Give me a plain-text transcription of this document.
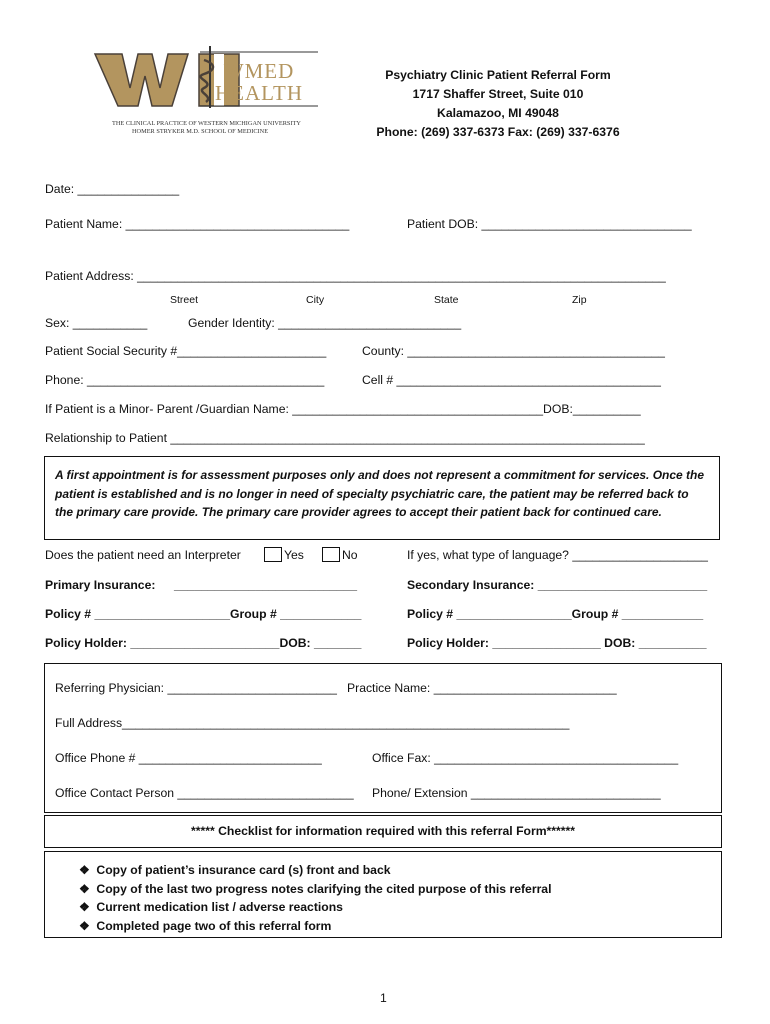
WMED HEALTH
THE CLINICAL PRACTICE OF WESTERN MICHIGAN UNIVERSITY
HOMER STRYKER M.D. SCHOOL OF MEDICINE
Psychiatry Clinic Patient Referral Form
1717 Shaffer Street, Suite 010
Kalamazoo, MI 49048
Phone: (269) 337-6373 Fax: (269) 337-6376
Date: _______________
Patient Name: _________________________________	Patient DOB: _______________________________
Patient Address: ______________________________________________________________________________
Street	City	State	Zip
Sex: ___________	Gender Identity: ___________________________
Patient Social Security #______________________	County: ______________________________________
Phone: ___________________________________	Cell # _______________________________________
If Patient is a Minor- Parent /Guardian Name: _____________________________________DOB:__________
Relationship to Patient ______________________________________________________________________
A first appointment is for assessment purposes only and does not represent a commitment for services. Once the
patient is established and is no longer in need of specialty psychiatric care, the patient may be referred back to
the primary care provide. The primary care provider agrees to accept their patient back for continued care.
Does the patient need an Interpreter	Yes	No	If yes, what type of language? ____________________
Primary Insurance: ___________________________	Secondary Insurance: _________________________
Policy # ____________________Group # ____________	Policy # _________________Group # ____________
Policy Holder: ______________________DOB: _______	Policy Holder: ________________ DOB: __________
Referring Physician: _________________________ Practice Name: ___________________________
Full Address__________________________________________________________________
Office Phone # ___________________________	Office Fax: ____________________________________
Office Contact Person __________________________ Phone/ Extension ____________________________
***** Checklist for information required with this referral Form******
❖ Copy of patient’s insurance card (s) front and back
❖ Copy of the last two progress notes clarifying the cited purpose of this referral
❖ Current medication list / adverse reactions
❖ Completed page two of this referral form
1
